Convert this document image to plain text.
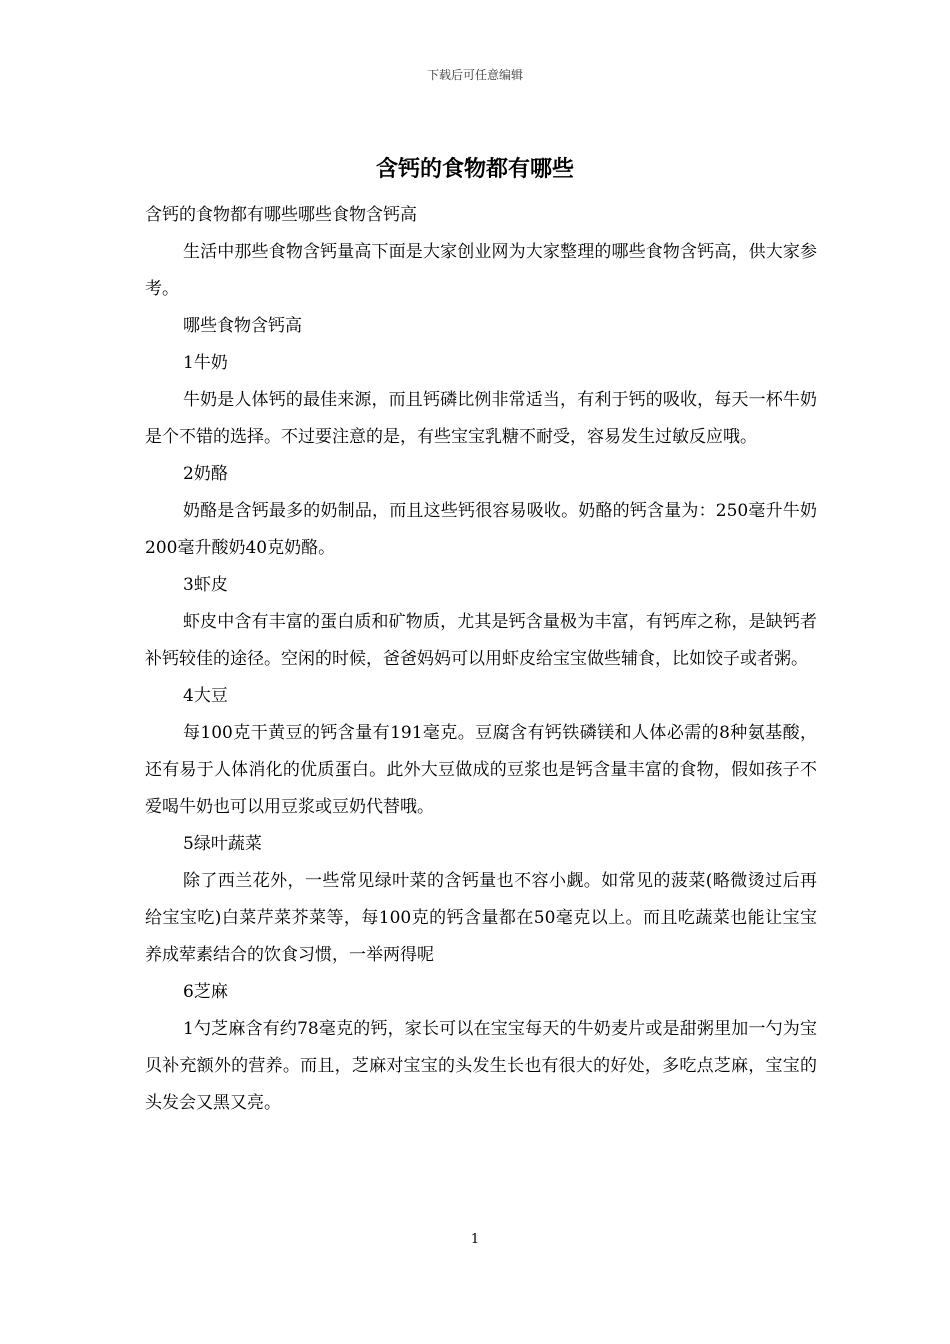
下载后可任意编辑
含钙的食物都有哪些

含钙的食物都有哪些哪些食物含钙高

生活中那些食物含钙量高下面是大家创业网为大家整理的哪些食物含钙高，供大家参考。

哪些食物含钙高

1牛奶

牛奶是人体钙的最佳来源，而且钙磷比例非常适当，有利于钙的吸收，每天一杯牛奶是个不错的选择。不过要注意的是，有些宝宝乳糖不耐受，容易发生过敏反应哦。

2奶酪

奶酪是含钙最多的奶制品，而且这些钙很容易吸收。奶酪的钙含量为：250毫升牛奶200毫升酸奶40克奶酪。

3虾皮

虾皮中含有丰富的蛋白质和矿物质，尤其是钙含量极为丰富，有钙库之称，是缺钙者补钙较佳的途径。空闲的时候，爸爸妈妈可以用虾皮给宝宝做些辅食，比如饺子或者粥。

4大豆

每100克干黄豆的钙含量有191毫克。豆腐含有钙铁磷镁和人体必需的8种氨基酸，还有易于人体消化的优质蛋白。此外大豆做成的豆浆也是钙含量丰富的食物，假如孩子不爱喝牛奶也可以用豆浆或豆奶代替哦。

5绿叶蔬菜

除了西兰花外，一些常见绿叶菜的含钙量也不容小觑。如常见的菠菜(略微烫过后再给宝宝吃)白菜芹菜芥菜等，每100克的钙含量都在50毫克以上。而且吃蔬菜也能让宝宝养成荤素结合的饮食习惯，一举两得呢

6芝麻

1勺芝麻含有约78毫克的钙，家长可以在宝宝每天的牛奶麦片或是甜粥里加一勺为宝贝补充额外的营养。而且，芝麻对宝宝的头发生长也有很大的好处，多吃点芝麻，宝宝的头发会又黑又亮。

1
